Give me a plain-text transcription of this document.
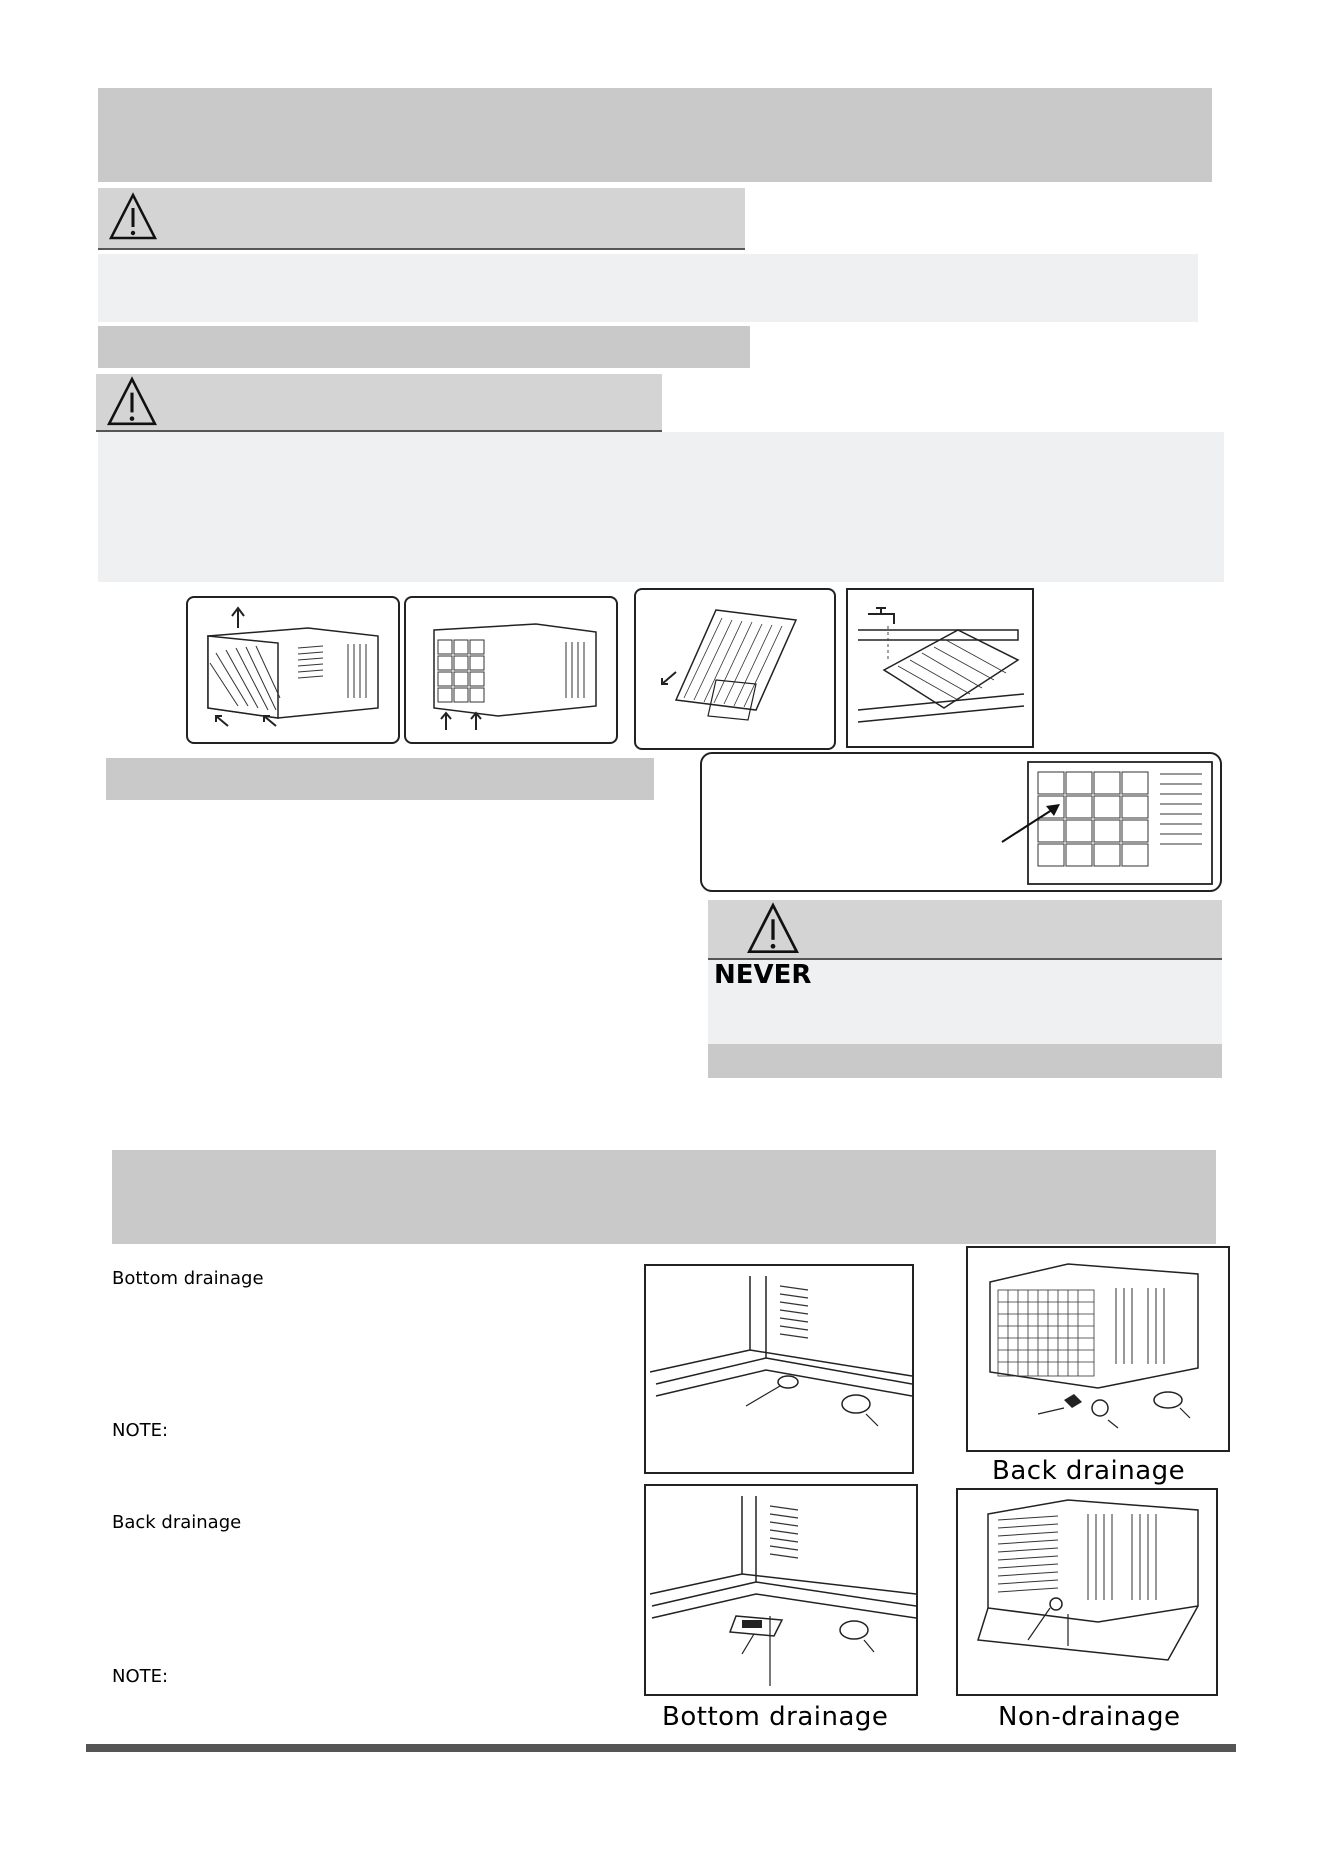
NEVER
Bottom drainage
NOTE:
Back drainage
NOTE:
Back drainage
Bottom drainage	Non-drainage
